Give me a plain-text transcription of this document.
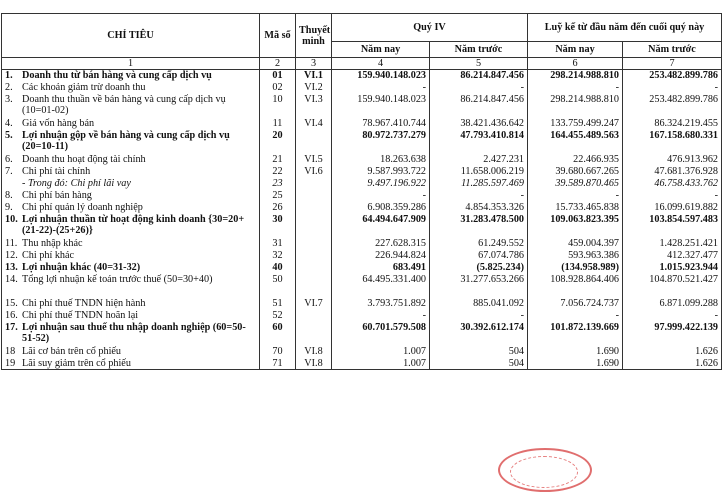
CHỈ TIÊU	Mã số	Thuyết minh	Quý IV		Luỹ kế từ đầu năm đến cuối quý này	
			Năm nay	Năm trước	Năm nay	Năm trước
1	2	3	4	5	6	7

1. Doanh thu từ bán hàng và cung cấp dịch vụ	01	VI.1	159.940.148.023	86.214.847.456	298.214.988.810	253.482.899.786

2. Các khoản giảm trừ doanh thu	02	VI.2	-	-	-	-

3. Doanh thu thuần về bán hàng và cung cấp dịch vụ (10=01-02)	10	VI.3	159.940.148.023	86.214.847.456	298.214.988.810	253.482.899.786

4. Giá vốn hàng bán	11	VI.4	78.967.410.744	38.421.436.642	133.759.499.247	86.324.219.455

5. Lợi nhuận gộp về bán hàng và cung cấp dịch vụ (20=10-11)	20		80.972.737.279	47.793.410.814	164.455.489.563	167.158.680.331

6. Doanh thu hoạt động tài chính	21	VI.5	18.263.638	2.427.231	22.466.935	476.913.962

7. Chi phí tài chính	22	VI.6	9.587.993.722	11.658.006.219	39.680.667.265	47.681.376.928

- Trong đó: Chi phí lãi vay	23		9.497.196.922	11.285.597.469	39.589.870.465	46.758.433.762

8. Chi phí bán hàng	25		-	-	-	-

9. Chi phí quản lý doanh nghiệp	26		6.908.359.286	4.854.353.326	15.733.465.838	16.099.619.882

10. Lợi nhuận thuần từ hoạt động kinh doanh {30=20+(21-22)-(25+26)}	30		64.494.647.909	31.283.478.500	109.063.823.395	103.854.597.483

11. Thu nhập khác	31		227.628.315	61.249.552	459.004.397	1.428.251.421

12. Chi phí khác	32		226.944.824	67.074.786	593.963.386	412.327.477

13. Lợi nhuận khác (40=31-32)	40		683.491	(5.825.234)	(134.958.989)	1.015.923.944

14. Tổng lợi nhuận kế toán trước thuế (50=30+40)	50		64.495.331.400	31.277.653.266	108.928.864.406	104.870.521.427

15. Chi phí thuế TNDN hiện hành	51	VI.7	3.793.751.892	885.041.092	7.056.724.737	6.871.099.288

16. Chi phí thuế TNDN hoãn lại	52		-	-	-	-

17. Lợi nhuận sau thuế thu nhập doanh nghiệp (60=50-51-52)	60		60.701.579.508	30.392.612.174	101.872.139.669	97.999.422.139

18 Lãi cơ bản trên cổ phiếu	70	VI.8	1.007	504	1.690	1.626

19 Lãi suy giảm trên cổ phiếu	71	VI.8	1.007	504	1.690	1.626
